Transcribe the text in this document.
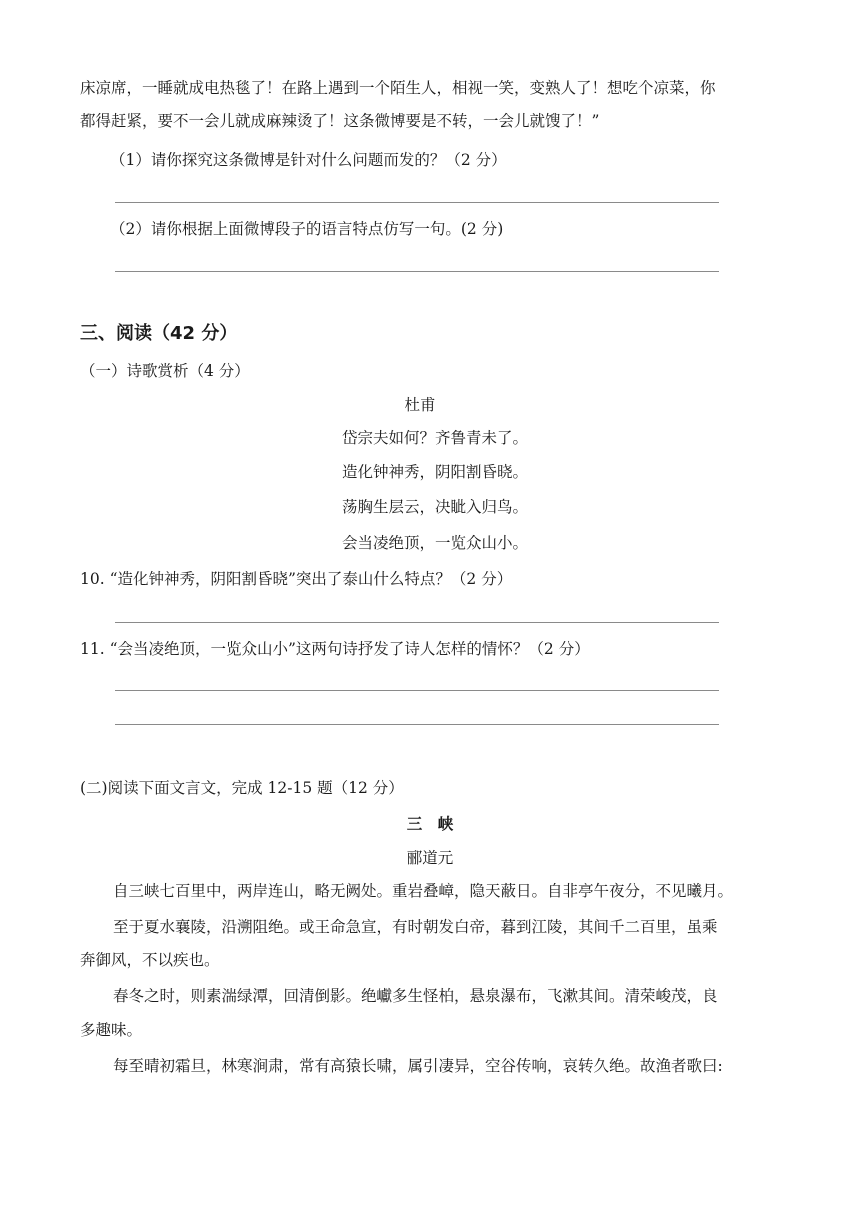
床凉席，一睡就成电热毯了！在路上遇到一个陌生人，相视一笑，变熟人了！想吃个凉菜，你
都得赶紧，要不一会儿就成麻辣烫了！这条微博要是不转，一会儿就馊了！”
（1）请你探究这条微博是针对什么问题而发的？（2 分）
（2）请你根据上面微博段子的语言特点仿写一句。(2 分)
三、阅读（42 分）
（一）诗歌赏析（4 分）
杜甫
岱宗夫如何？齐鲁青未了。
造化钟神秀，阴阳割昏晓。
荡胸生层云，决眦入归鸟。
会当凌绝顶，一览众山小。
10. “造化钟神秀，阴阳割昏晓”突出了泰山什么特点？（2 分）
11. “会当凌绝顶，一览众山小”这两句诗抒发了诗人怎样的情怀？（2 分）
(二)阅读下面文言文，完成 12-15 题（12 分）
三　峡
郦道元
自三峡七百里中，两岸连山，略无阙处。重岩叠嶂，隐天蔽日。自非亭午夜分，不见曦月。
至于夏水襄陵，沿溯阻绝。或王命急宣，有时朝发白帝，暮到江陵，其间千二百里，虽乘
奔御风，不以疾也。
春冬之时，则素湍绿潭，回清倒影。绝巘多生怪柏，悬泉瀑布，飞漱其间。清荣峻茂，良
多趣味。
每至晴初霜旦，林寒涧肃，常有高猿长啸，属引凄异，空谷传响，哀转久绝。故渔者歌曰:
